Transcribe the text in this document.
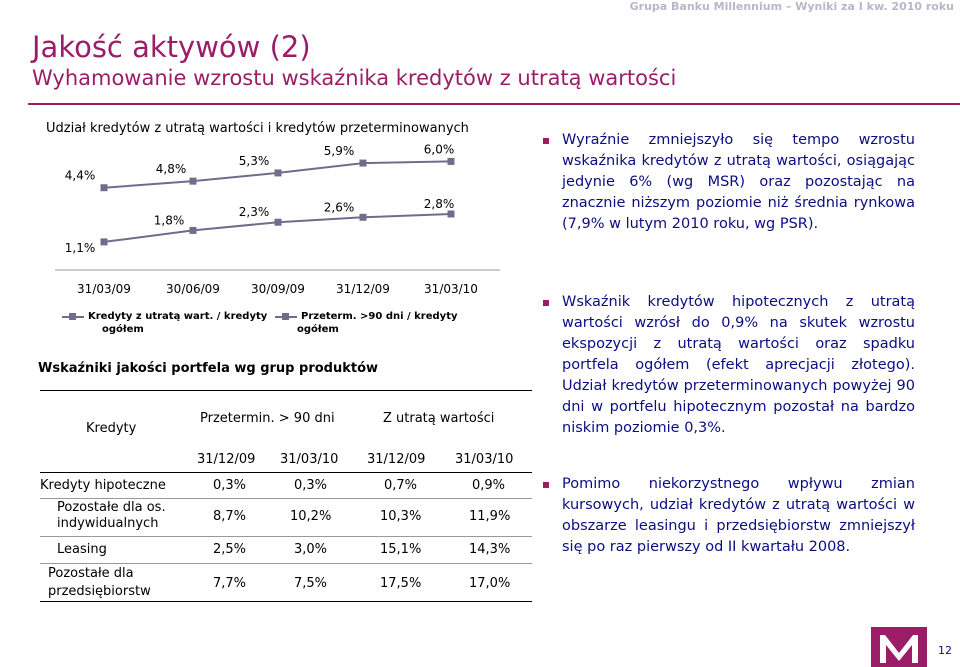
Grupa Banku Millennium – Wyniki za I kw. 2010 roku
Jakość aktywów (2)
Wyhamowanie wzrostu wskaźnika kredytów z utratą wartości
Udział kredytów z utratą wartości i kredytów przeterminowanych
31/03/09	30/06/09	30/09/09	31/12/09	31/03/10
4,4%	4,8%
5,3%
5,9%	6,0%
1,1%
1,8%
2,3%	2,6%	2,8%
Kredyty z utratą wart. / kredyty
ogółem
Przeterm. >90 dni / kredyty
ogółem
Wskaźniki jakości portfela wg grup produktów
Kredyty
Przetermin. > 90 dni	Z utratą wartości
31/12/09 31/03/10 31/12/09 31/03/10
Kredyty hipoteczne	0,3%	0,3%	0,7%	0,9%
Pozostałe dla os.
indywidualnych	8,7%	10,2%	10,3%	11,9%
Leasing	2,5%	3,0%	15,1%	14,3%
Pozostałe dla
przedsiębiorstw
7,7%	7,5%	17,5%	17,0%
Wyraźnie zmniejszyło się tempo wzrostu wskaźnika kredytów z utratą wartości, osiągając jedynie 6% (wg MSR) oraz pozostając na znacznie niższym poziomie niż średnia rynkowa (7,9% w lutym 2010 roku, wg PSR).
Wskaźnik kredytów hipotecznych z utratą wartości wzrósł do 0,9% na skutek wzrostu ekspozycji z utratą wartości oraz spadku portfela ogółem (efekt aprecjacji złotego). Udział kredytów przeterminowanych powyżej 90 dni w portfelu hipotecznym pozostał na bardzo niskim poziomie 0,3%.
Pomimo niekorzystnego wpływu zmian kursowych, udział kredytów z utratą wartości w obszarze leasingu i przedsiębiorstw zmniejszył się po raz pierwszy od II kwartału 2008.
12
